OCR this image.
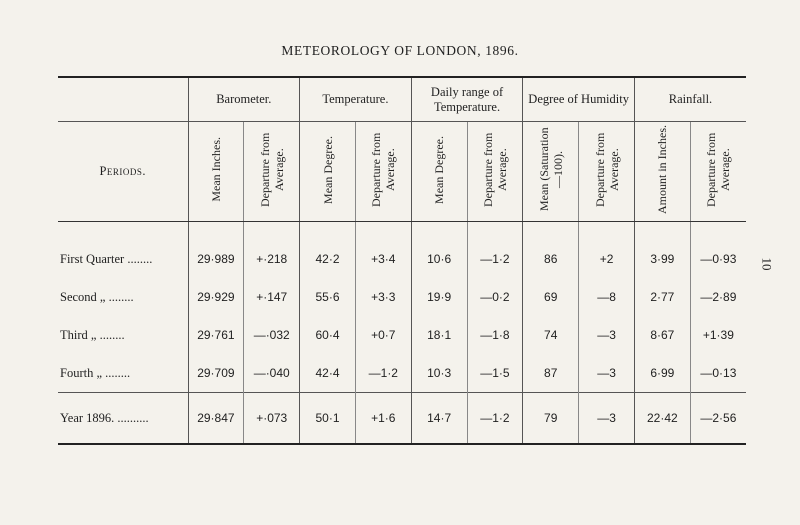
METEOROLOGY OF LONDON, 1896.
10
	Barometer.		Temperature.		Daily range of Temperature.		Degree of Humidity		Rainfall.	
Periods.	Mean Inches.	Departure from Average.	Mean Degree.	Departure from Average.	Mean Degree.	Departure from Average.	Mean (Saturation—100).	Departure from Average.	Amount in Inches.	Departure from Average.
First Quarter ........	29·989	+·218	42·2	+3·4	10·6	—1·2	86	+2	3·99	—0·93
Second „ ........	29·929	+·147	55·6	+3·3	19·9	—0·2	69	—8	2·77	—2·89
Third „ ........	29·761	—·032	60·4	+0·7	18·1	—1·8	74	—3	8·67	+1·39
Fourth „ ........	29·709	—·040	42·4	—1·2	10·3	—1·5	87	—3	6·99	—0·13
Year 1896. ..........	29·847	+·073	50·1	+1·6	14·7	—1·2	79	—3	22·42	—2·56
